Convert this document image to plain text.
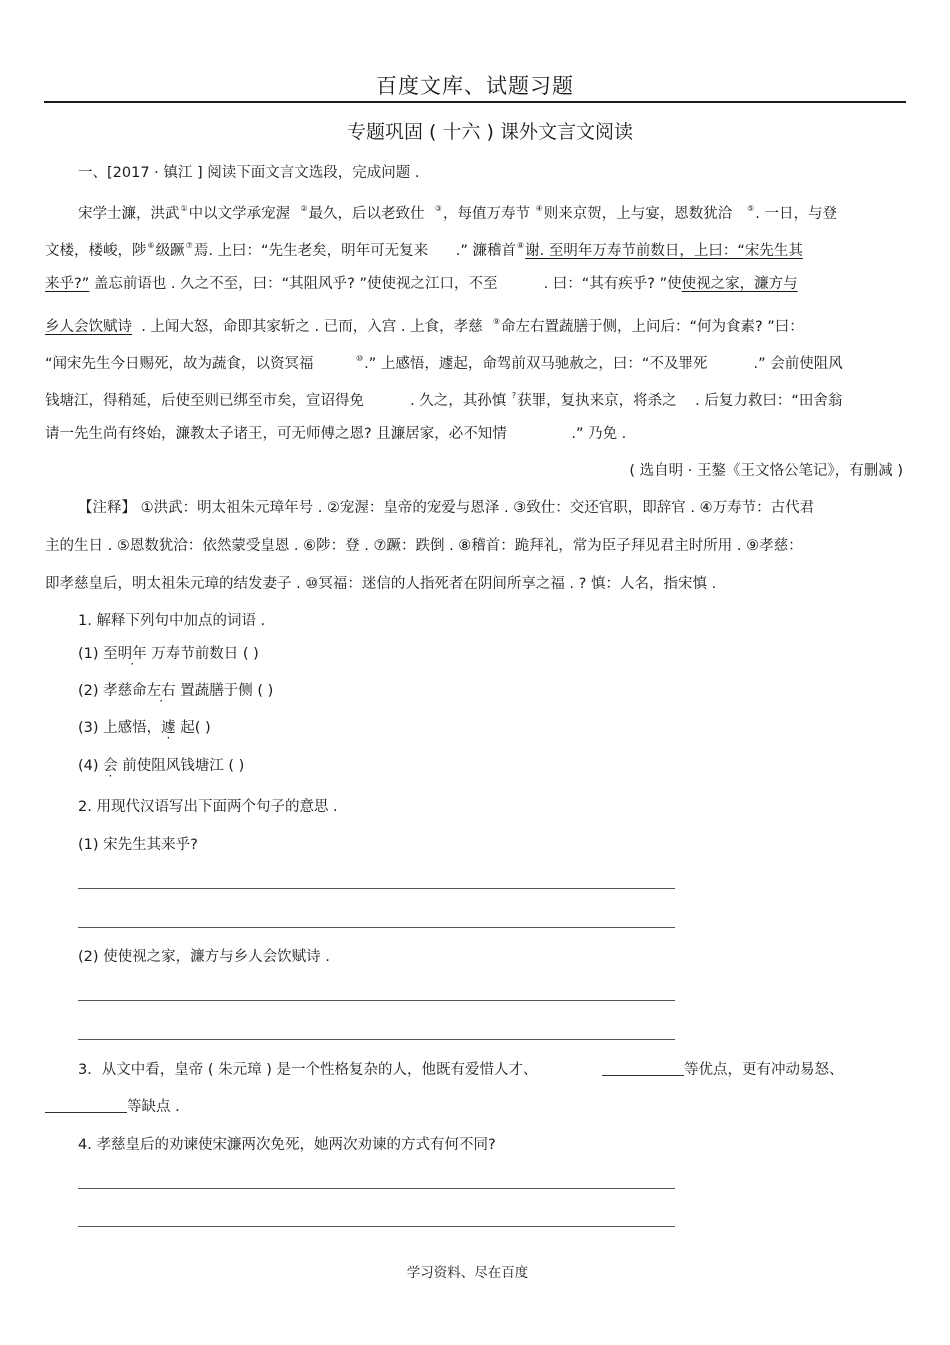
百度文库、试题习题
专题巩固 ( 十六 ) 课外文言文阅读
一、[2017 · 镇江 ] 阅读下面文言文选段，完成问题 .
宋学士濂，洪武①中以文学承宠渥 ②最久，后以老致仕 ③，每值万寿节 ④则来京贺，上与宴，恩数犹洽 ⑤. 一日，与登
文楼，楼峻，陟⑥级蹶⑦焉. 上曰：“先生老矣，明年可无复来 .” 濂稽首⑧谢. 至明年万寿节前数日，上曰：“宋先生其
来乎?” 盖忘前语也 . 久之不至，曰：“其阻风乎? ”使使视之江口，不至	. 曰：“其有疾乎? ”使使视之家，濂方与
乡人会饮赋诗 . 上闻大怒，命即其家斩之 . 已而，入宫 . 上食，孝慈 ⑨命左右置蔬膳于侧，上问后：“何为食素? ”曰：
“闻宋先生今日赐死，故为蔬食，以资冥福	⑩.” 上感悟，遽起，命驾前双马驰赦之，曰：“不及罪死	.” 会前使阻风
钱塘江，得稍延，后使至则已绑至市矣，宣诏得免	. 久之，其孙慎 ?获罪，复执来京，将杀之 . 后复力救曰：“田舍翁
请一先生尚有终始，濂教太子诸王，可无师傅之恩? 且濂居家，必不知情	.” 乃免 .
( 选自明 · 王鏊《王文恪公笔记》，有删减 )
【注释】 ①洪武：明太祖朱元璋年号 . ②宠渥：皇帝的宠爱与恩泽 . ③致仕：交还官职，即辞官 . ④万寿节：古代君
主的生日 . ⑤恩数犹洽：依然蒙受皇恩 . ⑥陟：登 . ⑦蹶：跌倒 . ⑧稽首：跪拜礼，常为臣子拜见君主时所用 . ⑨孝慈：
即孝慈皇后，明太祖朱元璋的结发妻子 . ⑩冥福：迷信的人指死者在阴间所享之福 . ? 慎：人名，指宋慎 .
1. 解释下列句中加点的词语 .
(1) 至明年 万寿节前数日 ( )
(2) 孝慈命左右 置蔬膳于侧 ( )
(3) 上感悟，遽 起( )
(4) 会 前使阻风钱塘江 ( )
2. 用现代汉语写出下面两个句子的意思 .
(1) 宋先生其来乎?
(2) 使使视之家，濂方与乡人会饮赋诗 .
3．从文中看，皇帝 ( 朱元璋 ) 是一个性格复杂的人，他既有爱惜人才、	等优点，更有冲动易怒、
等缺点 .
4. 孝慈皇后的劝谏使宋濂两次免死，她两次劝谏的方式有何不同?
学习资料、尽在百度
